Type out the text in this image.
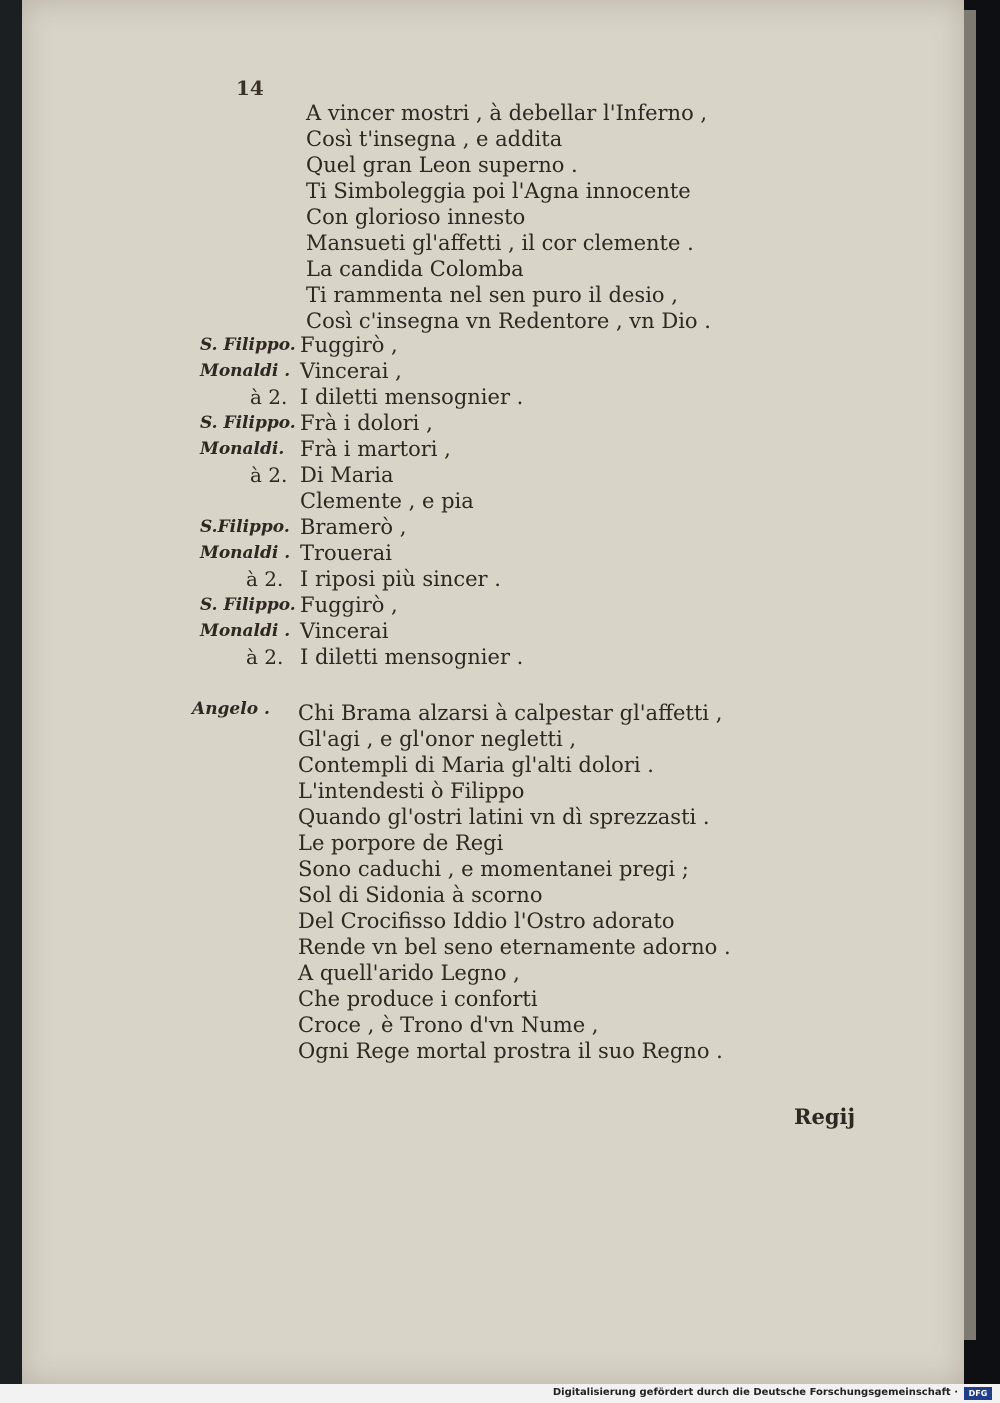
14
A vincer mostri , à debellar l'Inferno ,
Così t'insegna , e addita
Quel gran Leon superno .
Ti Simboleggia poi l'Agna innocente
Con glorioso innesto
Mansueti gl'affetti , il cor clemente .
La candida Colomba
Ti rammenta nel sen puro il desio ,
Così c'insegna vn Redentore , vn Dio .
S. Filippo. Fuggirò ,
Monaldi . Vincerai ,
à 2. I diletti mensognier .
S. Filippo. Frà i dolori ,
Monaldi. Frà i martori ,
à 2. Di Maria
Clemente , e pia
S.Filippo. Bramerò ,
Monaldi . Trouerai
à 2. I riposi più sincer .
S. Filippo. Fuggirò ,
Monaldi . Vincerai
à 2. I diletti mensognier .
Angelo . Chi Brama alzarsi à calpestar gl'affetti ,
Gl'agi , e gl'onor negletti ,
Contempli di Maria gl'alti dolori .
L'intendesti ò Filippo
Quando gl'ostri latini vn dì sprezzasti .
Le porpore de Regi
Sono caduchi , e momentanei pregi ;
Sol di Sidonia à scorno
Del Crocifisso Iddio l'Ostro adorato
Rende vn bel seno eternamente adorno .
A quell'arido Legno ,
Che produce i conforti
Croce , è Trono d'vn Nume ,
Ogni Rege mortal prostra il suo Regno .
Regij
Digitalisierung gefördert durch die Deutsche Forschungsgemeinschaft ·	DFG
